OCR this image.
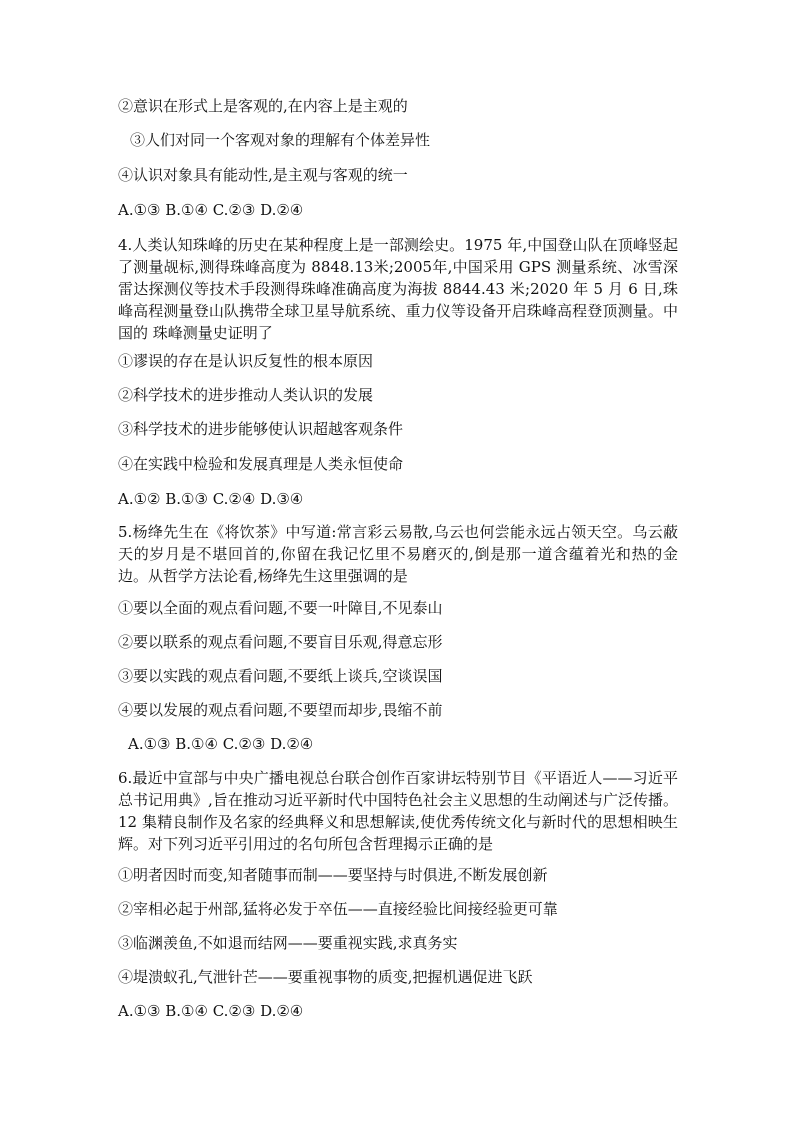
②意识在形式上是客观的,在内容上是主观的
③人们对同一个客观对象的理解有个体差异性
④认识对象具有能动性,是主观与客观的统一
A.①③ B.①④ C.②③ D.②④
4.人类认知珠峰的历史在某种程度上是一部测绘史。1975 年,中国登山队在顶峰竖起了测量觇标,测得珠峰高度为 8848.13米;2005年,中国采用 GPS 测量系统、冰雪深雷达探测仪等技术手段测得珠峰准确高度为海拔 8844.43 米;2020 年 5 月 6 日,珠峰高程测量登山队携带全球卫星导航系统、重力仪等设备开启珠峰高程登顶测量。中国的 珠峰测量史证明了
①谬误的存在是认识反复性的根本原因
②科学技术的进步推动人类认识的发展
③科学技术的进步能够使认识超越客观条件
④在实践中检验和发展真理是人类永恒使命
A.①② B.①③ C.②④ D.③④
5.杨绛先生在《将饮茶》中写道:常言彩云易散,乌云也何尝能永远占领天空。乌云蔽天的岁月是不堪回首的,你留在我记忆里不易磨灭的,倒是那一道含蕴着光和热的金边。从哲学方法论看,杨绛先生这里强调的是
①要以全面的观点看问题,不要一叶障目,不见泰山
②要以联系的观点看问题,不要盲目乐观,得意忘形
③要以实践的观点看问题,不要纸上谈兵,空谈误国
④要以发展的观点看问题,不要望而却步,畏缩不前
A.①③ B.①④ C.②③ D.②④
6.最近中宣部与中央广播电视总台联合创作百家讲坛特别节目《平语近人——习近平总书记用典》,旨在推动习近平新时代中国特色社会主义思想的生动阐述与广泛传播。12 集精良制作及名家的经典释义和思想解读,使优秀传统文化与新时代的思想相映生 辉。对下列习近平引用过的名句所包含哲理揭示正确的是
①明者因时而变,知者随事而制——要坚持与时俱进,不断发展创新
②宰相必起于州部,猛将必发于卒伍——直接经验比间接经验更可靠
③临渊羡鱼,不如退而结网——要重视实践,求真务实
④堤溃蚁孔,气泄针芒——要重视事物的质变,把握机遇促进飞跃
A.①③ B.①④ C.②③ D.②④
